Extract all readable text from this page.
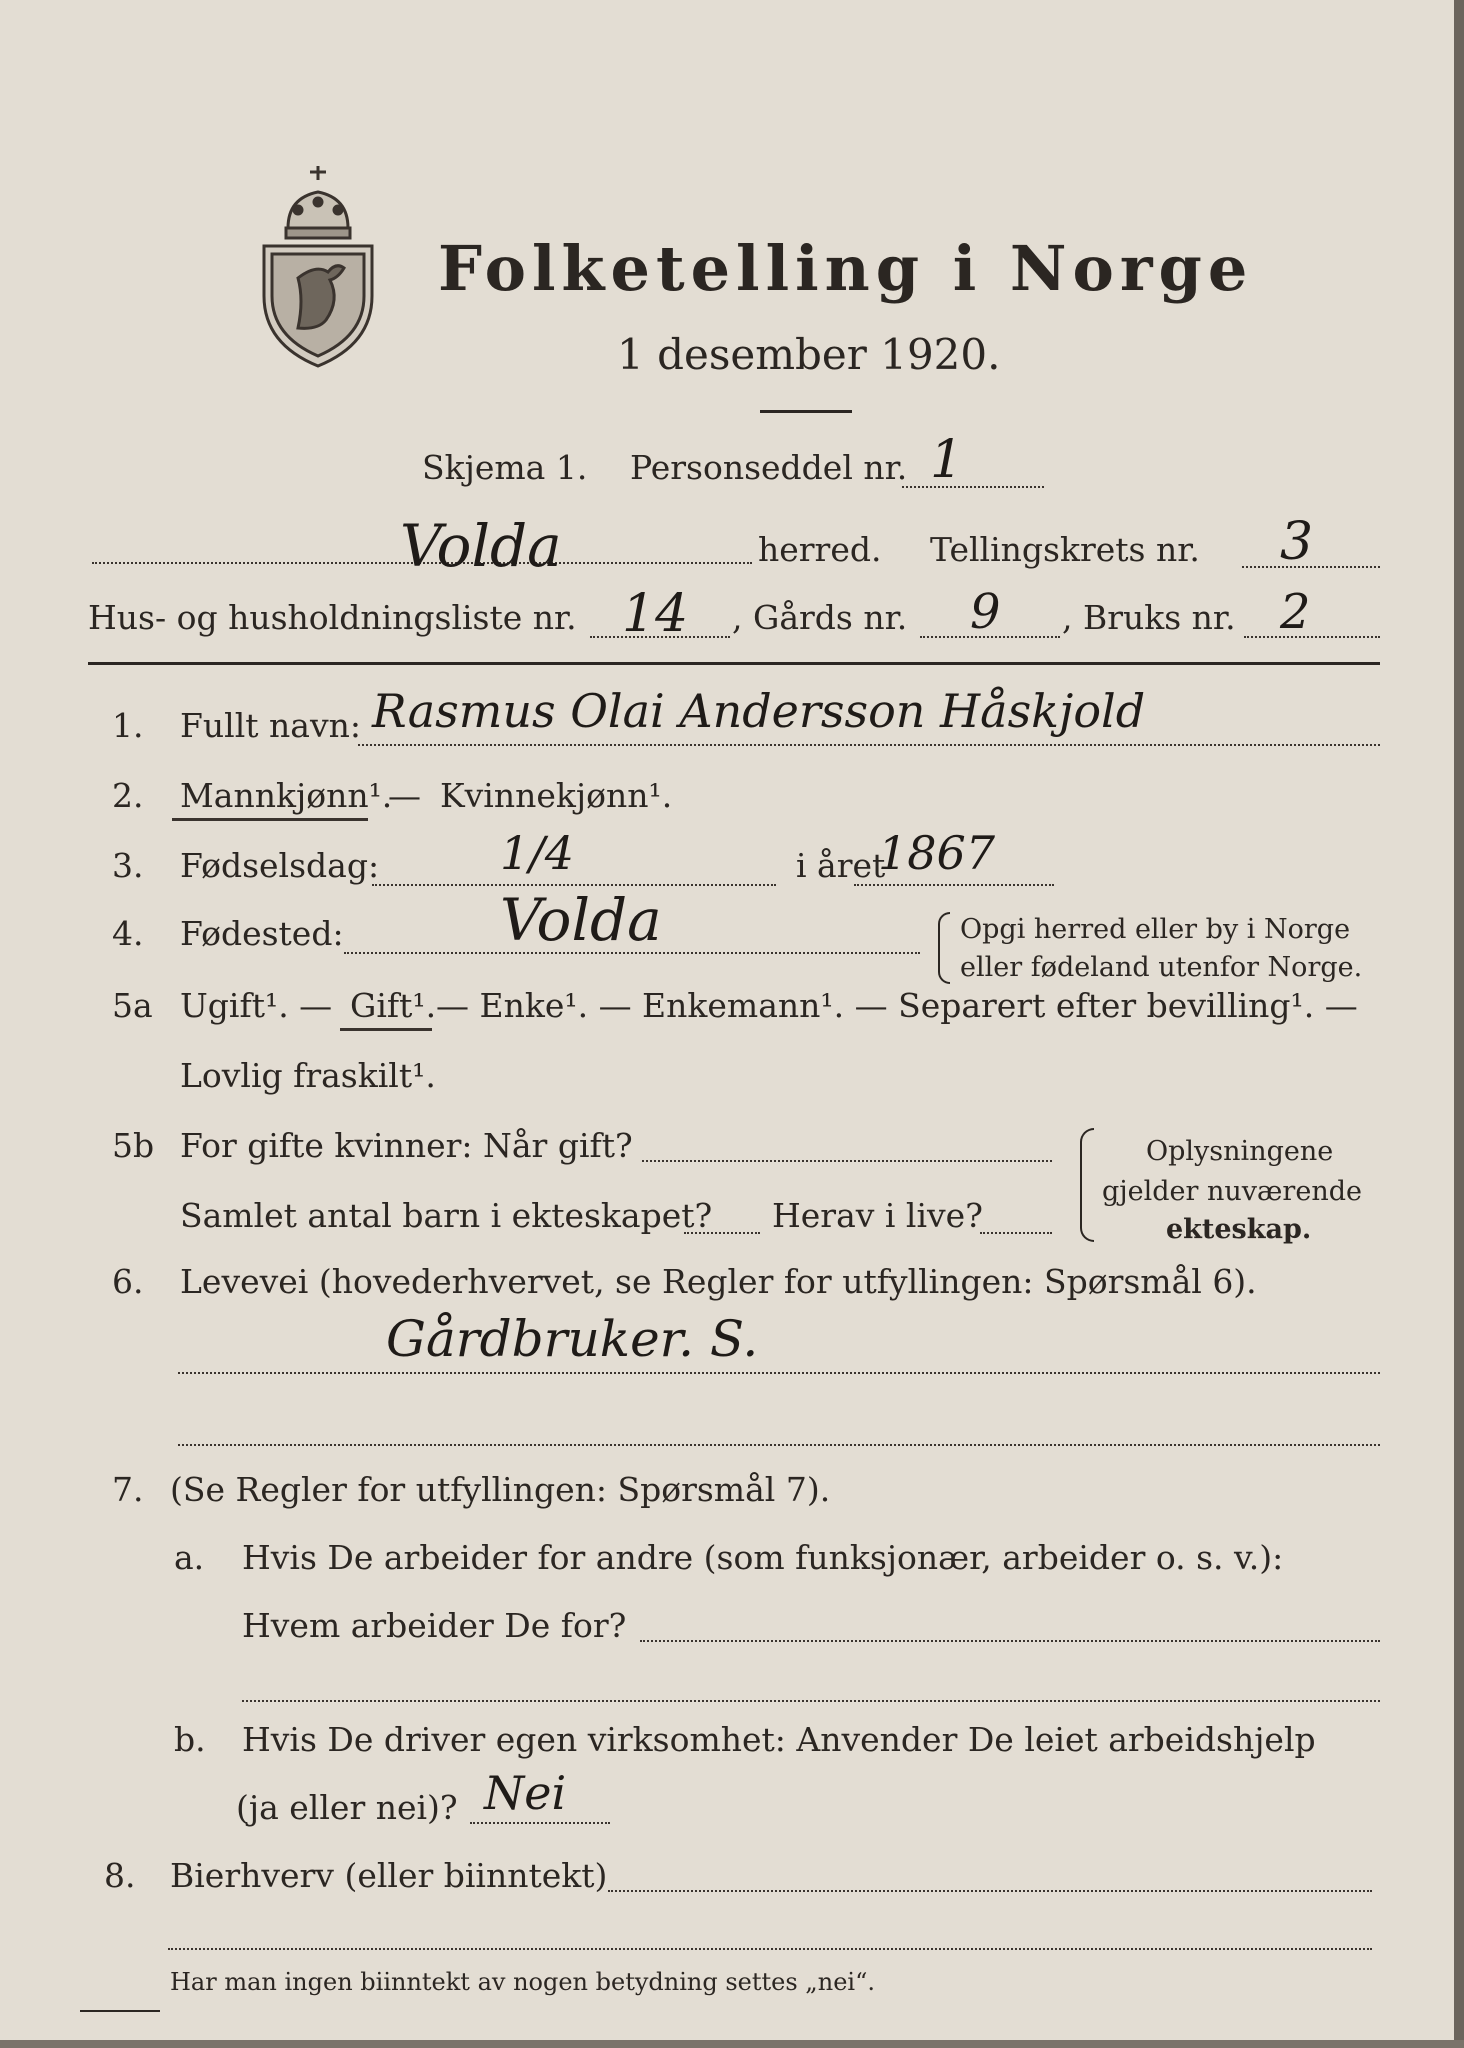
Folketelling i Norge
1 desember 1920.
Skjema 1. Personseddel nr. 1
Volda	herred. Tellingskrets nr. 3
Hus- og husholdningsliste nr. 14 , Gårds nr. 9 , Bruks nr. 2
1. Fullt navn: Rasmus Olai Andersson Håskjold
2. Mannkjønn¹.
— Kvinnekjønn¹.
3. Fødselsdag:	1/4	i året
1867
4. Fødested:	Volda	Opgi herred eller by i Norge
eller fødeland utenfor Norge.
5a Ugift¹. — Gift¹. — Enke¹. — Enkemann¹. — Separert efter bevilling¹. —
Lovlig fraskilt¹.
5b For gifte kvinner: Når gift?
Samlet antal barn i ekteskapet? Herav i live?
Oplysningene
gjelder nuværende
ekteskap.
6. Levevei (hovederhvervet, se Regler for utfyllingen: Spørsmål 6).
Gårdbruker. S.
7. (Se Regler for utfyllingen: Spørsmål 7).
a. Hvis De arbeider for andre (som funksjonær, arbeider o. s. v.):
Hvem arbeider De for?
b. Hvis De driver egen virksomhet: Anvender De leiet arbeidshjelp
(ja eller nei)? Nei
8. Bierhverv (eller biinntekt)
Har man ingen biinntekt av nogen betydning settes „nei“.
